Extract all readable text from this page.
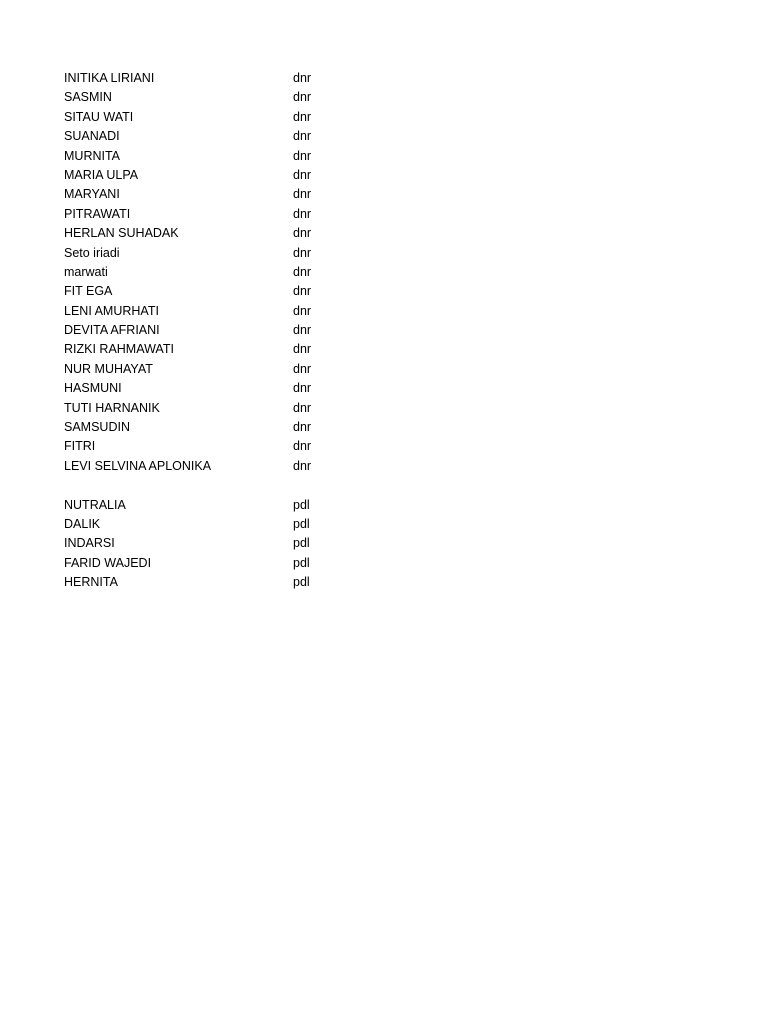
INITIKA LIRIANI	dnr
SASMIN	dnr
SITAU WATI	dnr
SUANADI	dnr
MURNITA	dnr
MARIA ULPA	dnr
MARYANI	dnr
PITRAWATI	dnr
HERLAN SUHADAK	dnr
Seto iriadi	dnr
marwati	dnr
FIT EGA	dnr
LENI AMURHATI	dnr
DEVITA AFRIANI	dnr
RIZKI RAHMAWATI	dnr
NUR MUHAYAT	dnr
HASMUNI	dnr
TUTI HARNANIK	dnr
SAMSUDIN	dnr
FITRI	dnr
LEVI SELVINA APLONIKA	dnr
NUTRALIA	pdl
DALIK	pdl
INDARSI	pdl
FARID WAJEDI	pdl
HERNITA	pdl
